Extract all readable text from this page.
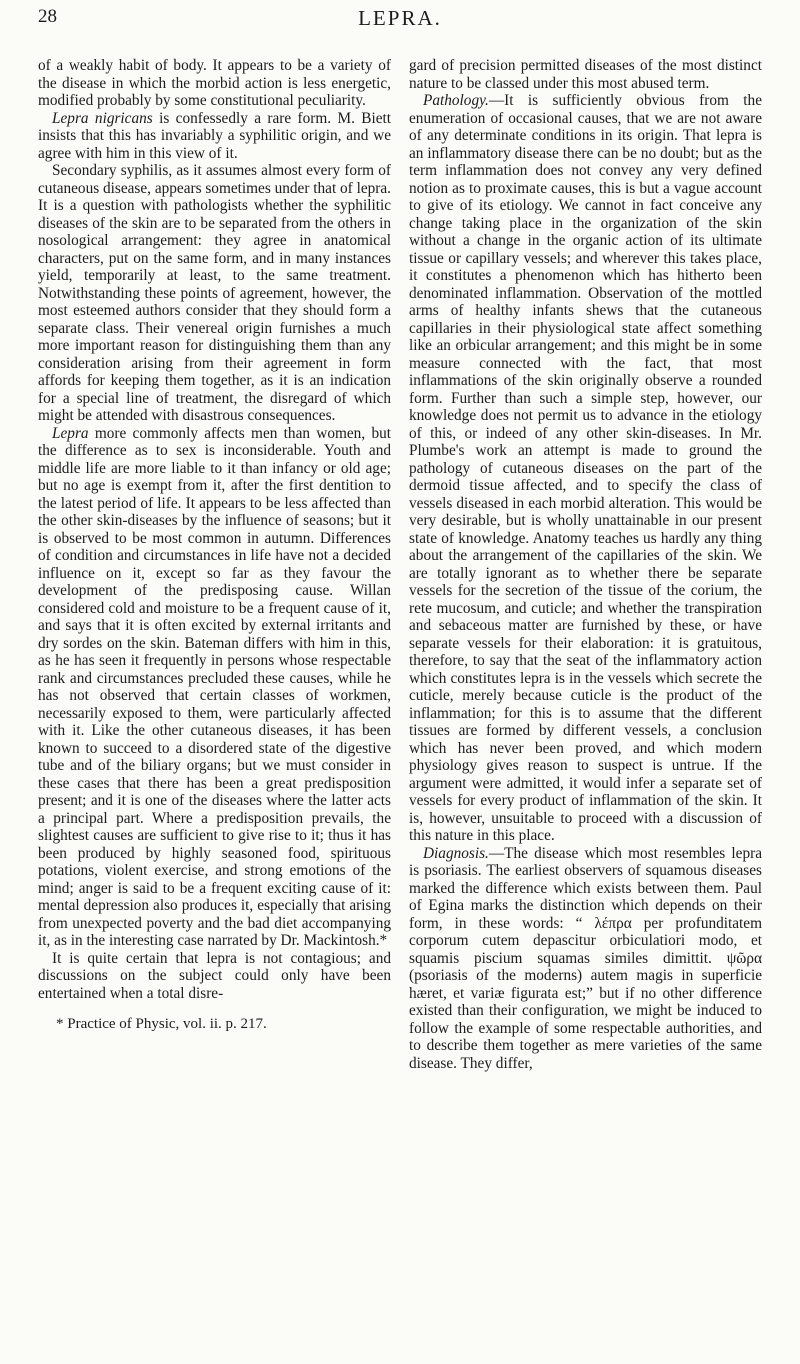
28	LEPRA.

of a weakly habit of body. It appears to be a variety of the disease in which the morbid action is less energetic, modified probably by some constitutional peculiarity.

Lepra nigricans is confessedly a rare form. M. Biett insists that this has invariably a syphilitic origin, and we agree with him in this view of it.

Secondary syphilis, as it assumes almost every form of cutaneous disease, appears sometimes under that of lepra. It is a question with pathologists whether the syphilitic diseases of the skin are to be separated from the others in nosological arrangement: they agree in anatomical characters, put on the same form, and in many instances yield, temporarily at least, to the same treatment. Notwithstanding these points of agreement, however, the most esteemed authors consider that they should form a separate class. Their venereal origin furnishes a much more important reason for distinguishing them than any consideration arising from their agreement in form affords for keeping them together, as it is an indication for a special line of treatment, the disregard of which might be attended with disastrous consequences.

Lepra more commonly affects men than women, but the difference as to sex is inconsiderable. Youth and middle life are more liable to it than infancy or old age; but no age is exempt from it, after the first dentition to the latest period of life. It appears to be less affected than the other skin-diseases by the influence of seasons; but it is observed to be most common in autumn. Differences of condition and circumstances in life have not a decided influence on it, except so far as they favour the development of the predisposing cause. Willan considered cold and moisture to be a frequent cause of it, and says that it is often excited by external irritants and dry sordes on the skin. Bateman differs with him in this, as he has seen it frequently in persons whose respectable rank and circumstances precluded these causes, while he has not observed that certain classes of workmen, necessarily exposed to them, were particularly affected with it. Like the other cutaneous diseases, it has been known to succeed to a disordered state of the digestive tube and of the biliary organs; but we must consider in these cases that there has been a great predisposition present; and it is one of the diseases where the latter acts a principal part. Where a predisposition prevails, the slightest causes are sufficient to give rise to it; thus it has been produced by highly seasoned food, spirituous potations, violent exercise, and strong emotions of the mind; anger is said to be a frequent exciting cause of it: mental depression also produces it, especially that arising from unexpected poverty and the bad diet accompanying it, as in the interesting case narrated by Dr. Mackintosh.*

It is quite certain that lepra is not contagious; and discussions on the subject could only have been entertained when a total disre-

* Practice of Physic, vol. ii. p. 217.

gard of precision permitted diseases of the most distinct nature to be classed under this most abused term.

Pathology.—It is sufficiently obvious from the enumeration of occasional causes, that we are not aware of any determinate conditions in its origin. That lepra is an inflammatory disease there can be no doubt; but as the term inflammation does not convey any very defined notion as to proximate causes, this is but a vague account to give of its etiology. We cannot in fact conceive any change taking place in the organization of the skin without a change in the organic action of its ultimate tissue or capillary vessels; and wherever this takes place, it constitutes a phenomenon which has hitherto been denominated inflammation. Observation of the mottled arms of healthy infants shews that the cutaneous capillaries in their physiological state affect something like an orbicular arrangement; and this might be in some measure connected with the fact, that most inflammations of the skin originally observe a rounded form. Further than such a simple step, however, our knowledge does not permit us to advance in the etiology of this, or indeed of any other skin-diseases. In Mr. Plumbe's work an attempt is made to ground the pathology of cutaneous diseases on the part of the dermoid tissue affected, and to specify the class of vessels diseased in each morbid alteration. This would be very desirable, but is wholly unattainable in our present state of knowledge. Anatomy teaches us hardly any thing about the arrangement of the capillaries of the skin. We are totally ignorant as to whether there be separate vessels for the secretion of the tissue of the corium, the rete mucosum, and cuticle; and whether the transpiration and sebaceous matter are furnished by these, or have separate vessels for their elaboration: it is gratuitous, therefore, to say that the seat of the inflammatory action which constitutes lepra is in the vessels which secrete the cuticle, merely because cuticle is the product of the inflammation; for this is to assume that the different tissues are formed by different vessels, a conclusion which has never been proved, and which modern physiology gives reason to suspect is untrue. If the argument were admitted, it would infer a separate set of vessels for every product of inflammation of the skin. It is, however, unsuitable to proceed with a discussion of this nature in this place.

Diagnosis.—The disease which most resembles lepra is psoriasis. The earliest observers of squamous diseases marked the difference which exists between them. Paul of Egina marks the distinction which depends on their form, in these words: “ λέπρα per profunditatem corporum cutem depascitur orbiculatiori modo, et squamis piscium squamas similes dimittit. ψῶρα (psoriasis of the moderns) autem magis in superficie hæret, et variæ figurata est;” but if no other difference existed than their configuration, we might be induced to follow the example of some respectable authorities, and to describe them together as mere varieties of the same disease. They differ,
